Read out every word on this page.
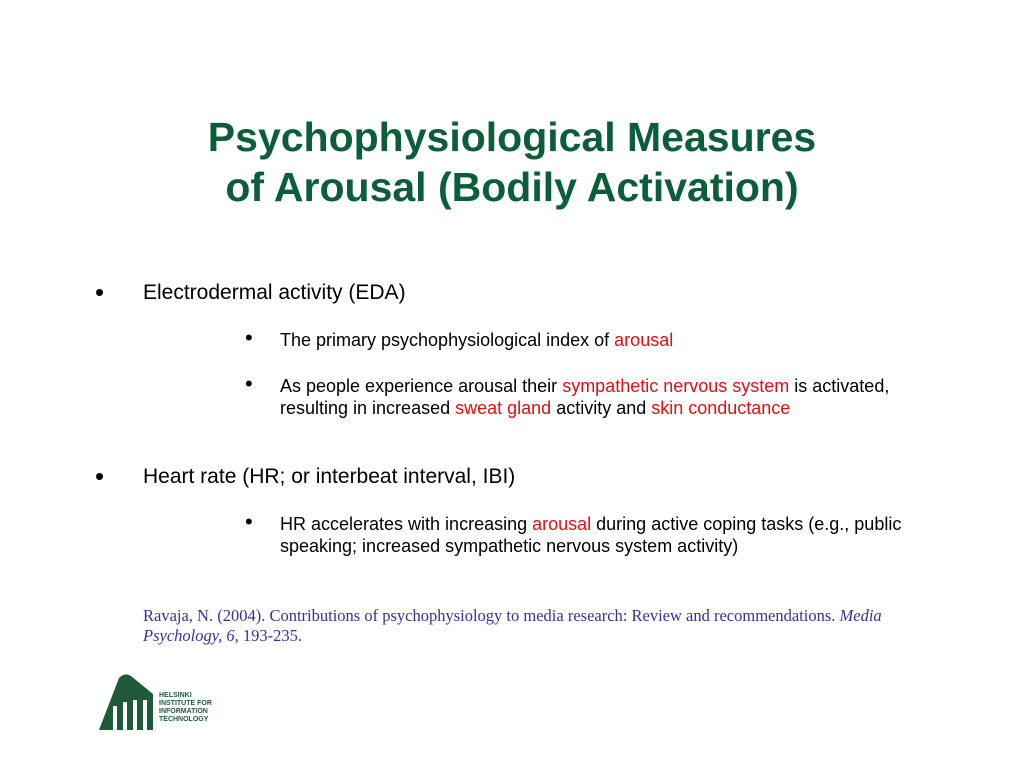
Psychophysiological Measures
of Arousal (Bodily Activation)
• Electrodermal activity (EDA)
• The primary psychophysiological index of arousal
• As people experience arousal their sympathetic nervous system is activated, resulting in increased sweat gland activity and skin conductance
• Heart rate (HR; or interbeat interval, IBI)
• HR accelerates with increasing arousal during active coping tasks (e.g., public speaking; increased sympathetic nervous system activity)
Ravaja, N. (2004). Contributions of psychophysiology to media research: Review and recommendations. Media Psychology, 6, 193-235.
HELSINKI
INSTITUTE FOR
INFORMATION
TECHNOLOGY
